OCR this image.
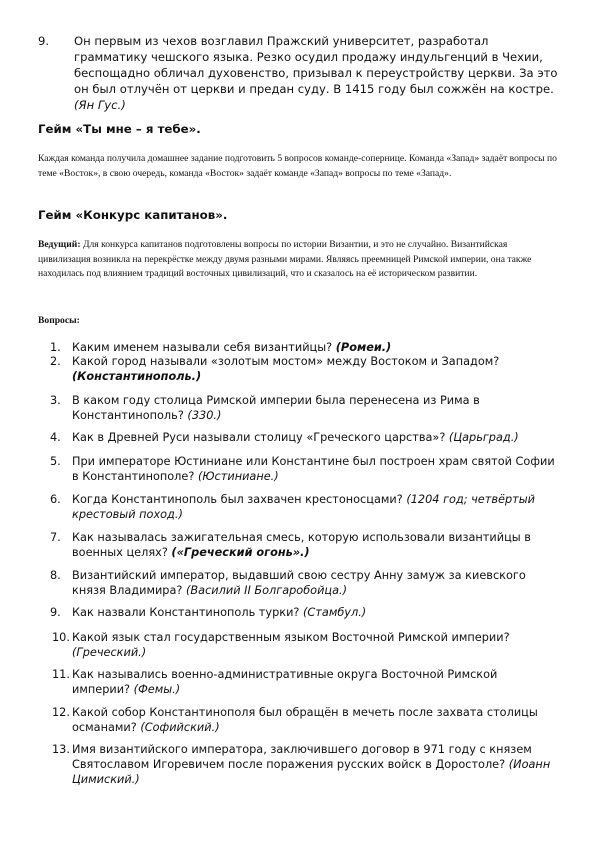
9. Он первым из чехов возглавил Пражский университет, разработал грамматику чешского языка. Резко осудил продажу индульгенций в Чехии, беспощадно обличал духовенство, призывал к переустройству церкви. За это он был отлучён от церкви и предан суду. В 1415 году был сожжён на костре. (Ян Гус.)
Гейм «Ты мне – я тебе».
Каждая команда получила домашнее задание подготовить 5 вопросов команде-сопернице. Команда «Запад» задаёт вопросы по теме «Восток», в свою очередь, команда «Восток» задаёт команде «Запад» вопросы по теме «Запад».
Гейм «Конкурс капитанов».
Ведущий: Для конкурса капитанов подготовлены вопросы по истории Византии, и это не случайно. Византийская цивилизация возникла на перекрёстке между двумя разными мирами. Являясь преемницей Римской империи, она также находилась под влиянием традиций восточных цивилизаций, что и сказалось на её историческом развитии.
Вопросы:
1. Каким именем называли себя византийцы? (Ромеи.)
2. Какой город называли «золотым мостом» между Востоком и Западом? (Константинополь.)
3. В каком году столица Римской империи была перенесена из Рима в Константинополь? (330.)
4. Как в Древней Руси называли столицу «Греческого царства»? (Царьград.)
5. При императоре Юстиниане или Константине был построен храм святой Софии в Константинополе? (Юстиниане.)
6. Когда Константинополь был захвачен крестоносцами? (1204 год; четвёртый крестовый поход.)
7. Как называлась зажигательная смесь, которую использовали византийцы в военных целях? («Греческий огонь».)
8. Византийский император, выдавший свою сестру Анну замуж за киевского князя Владимира? (Василий II Болгаробойца.)
9. Как назвали Константинополь турки? (Стамбул.)
10. Какой язык стал государственным языком Восточной Римской империи? (Греческий.)
11. Как назывались военно-административные округа Восточной Римской империи? (Фемы.)
12. Какой собор Константинополя был обращён в мечеть после захвата столицы османами? (Софийский.)
13. Имя византийского императора, заключившего договор в 971 году с князем Святославом Игоревичем после поражения русских войск в Доростоле? (Иоанн Цимиский.)
